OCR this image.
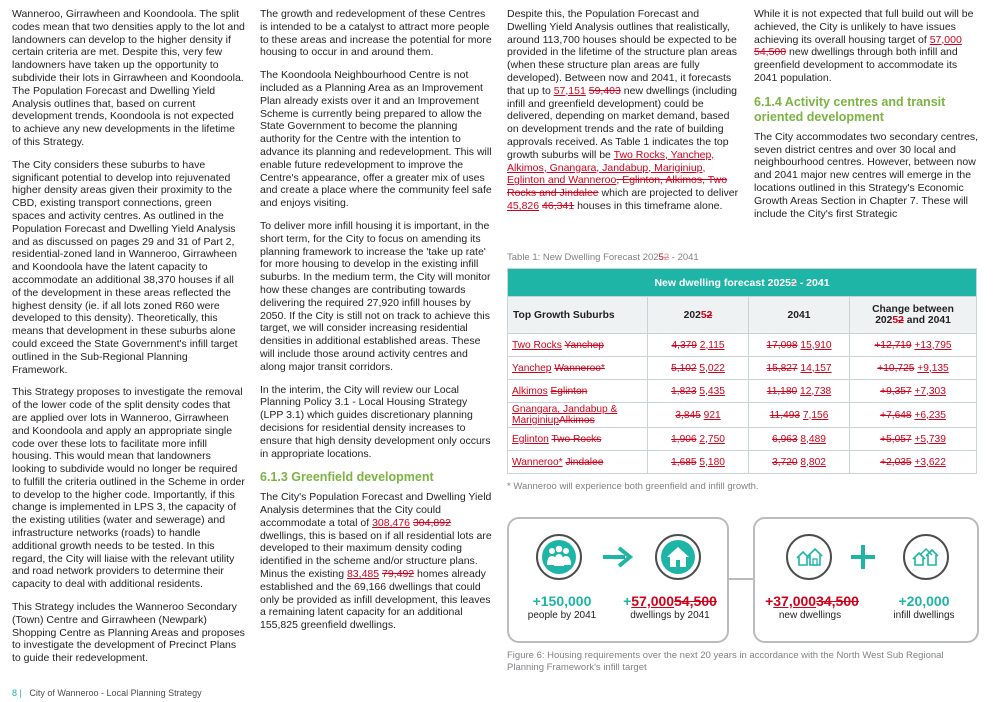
Wanneroo, Girrawheen and Koondoola. The split codes mean that two densities apply to the lot and landowners can develop to the higher density if certain criteria are met. Despite this, very few landowners have taken up the opportunity to subdivide their lots in Girrawheen and Koondoola. The Population Forecast and Dwelling Yield Analysis outlines that, based on current development trends, Koondoola is not expected to achieve any new developments in the lifetime of this Strategy.

The City considers these suburbs to have significant potential to develop into rejuvenated higher density areas given their proximity to the CBD, existing transport connections, green spaces and activity centres. As outlined in the Population Forecast and Dwelling Yield Analysis and as discussed on pages 29 and 31 of Part 2, residential-zoned land in Wanneroo, Girrawheen and Koondoola have the latent capacity to accommodate an additional 38,370 houses if all of the development in these areas reflected the highest density (ie. if all lots zoned R60 were developed to this density). Theoretically, this means that development in these suburbs alone could exceed the State Government's infill target outlined in the Sub-Regional Planning Framework.

This Strategy proposes to investigate the removal of the lower code of the split density codes that are applied over lots in Wanneroo, Girrawheen and Koondoola and apply an appropriate single code over these lots to facilitate more infill housing. This would mean that landowners looking to subdivide would no longer be required to fulfill the criteria outlined in the Scheme in order to develop to the higher code. Importantly, if this change is implemented in LPS 3, the capacity of the existing utilities (water and sewerage) and infrastructure networks (roads) to handle additional growth needs to be tested. In this regard, the City will liaise with the relevant utility and road network providers to determine their capacity to deal with additional residents.

This Strategy includes the Wanneroo Secondary (Town) Centre and Girrawheen (Newpark) Shopping Centre as Planning Areas and proposes to investigate the development of Precinct Plans to guide their redevelopment.

The growth and redevelopment of these Centres is intended to be a catalyst to attract more people to these areas and increase the potential for more housing to occur in and around them.

The Koondoola Neighbourhood Centre is not included as a Planning Area as an Improvement Plan already exists over it and an Improvement Scheme is currently being prepared to allow the State Government to become the planning authority for the Centre with the intention to advance its planning and redevelopment. This will enable future redevelopment to improve the Centre's appearance, offer a greater mix of uses and create a place where the community feel safe and enjoys visiting.

To deliver more infill housing it is important, in the short term, for the City to focus on amending its planning framework to increase the 'take up rate' for more housing to develop in the existing infill suburbs. In the medium term, the City will monitor how these changes are contributing towards delivering the required 27,920 infill houses by 2050. If the City is still not on track to achieve this target, we will consider increasing residential densities in additional established areas. These will include those around activity centres and along major transit corridors.

In the interim, the City will review our Local Planning Policy 3.1 - Local Housing Strategy (LPP 3.1) which guides discretionary planning decisions for residential density increases to ensure that high density development only occurs in appropriate locations.

6.1.3 Greenfield development

The City's Population Forecast and Dwelling Yield Analysis determines that the City could accommodate a total of 308,476 304,892 dwellings, this is based on if all residential lots are developed to their maximum density coding identified in the scheme and/or structure plans. Minus the existing 83,485 79,492 homes already established and the 69,166 dwellings that could only be provided as infill development, this leaves a remaining latent capacity for an additional 155,825 greenfield dwellings.

Despite this, the Population Forecast and Dwelling Yield Analysis outlines that realistically, around 113,700 houses should be expected to be provided in the lifetime of the structure plan areas (when these structure plan areas are fully developed). Between now and 2041, it forecasts that up to 57,151 59,403 new dwellings (including infill and greenfield development) could be delivered, depending on market demand, based on development trends and the rate of building approvals received. As Table 1 indicates the top growth suburbs will be Two Rocks, Yanchep, Alkimos, Gnangara, Jandabup, Mariginiup, Eglinton and Wanneroo, Eglinton, Alkimos, Two Rocks and Jindalee which are projected to deliver 45,826 46,341 houses in this timeframe alone.

While it is not expected that full build out will be achieved, the City is unlikely to have issues achieving its overall housing target of 57,000 54,500 new dwellings through both infill and greenfield development to accommodate its 2041 population.

6.1.4 Activity centres and transit oriented development

The City accommodates two secondary centres, seven district centres and over 30 local and neighbourhood centres. However, between now and 2041 major new centres will emerge in the locations outlined in this Strategy's Economic Growth Areas Section in Chapter 7. These will include the City's first Strategic

Table 1: New Dwelling Forecast 20252 - 2041
New dwelling forecast 20252 - 2041			
Top Growth Suburbs	20252	2041	Change between
20252 and 2041
Two Rocks Yanchep	4,379 2,115	17,098 15,910	+12,719 +13,795
Yanchep Wanneroo*	5,102 5,022	15,827 14,157	+10,725 +9,135
Alkimos Eglinton	1,823 5,435	11,180 12,738	+9,357 +7,303
Gnangara, Jandabup & MariginiupAlkimos	3,845 921	11,493 7,156	+7,648 +6,235
Eglinton Two Rocks	1,906 2,750	6,963 8,489	+5,057 +5,739
Wanneroo* Jindalee	1,685 5,180	3,720 8,802	+2,035 +3,622
* Wanneroo will experience both greenfield and infill growth.
+150,000
people by 2041
+57,00054,500
dwellings by 2041
+37,00034,500
new dwellings
+20,000
infill dwellings
Figure 6: Housing requirements over the next 20 years in accordance with the North West Sub Regional Planning Framework's infill target
8 | City of Wanneroo - Local Planning Strategy
